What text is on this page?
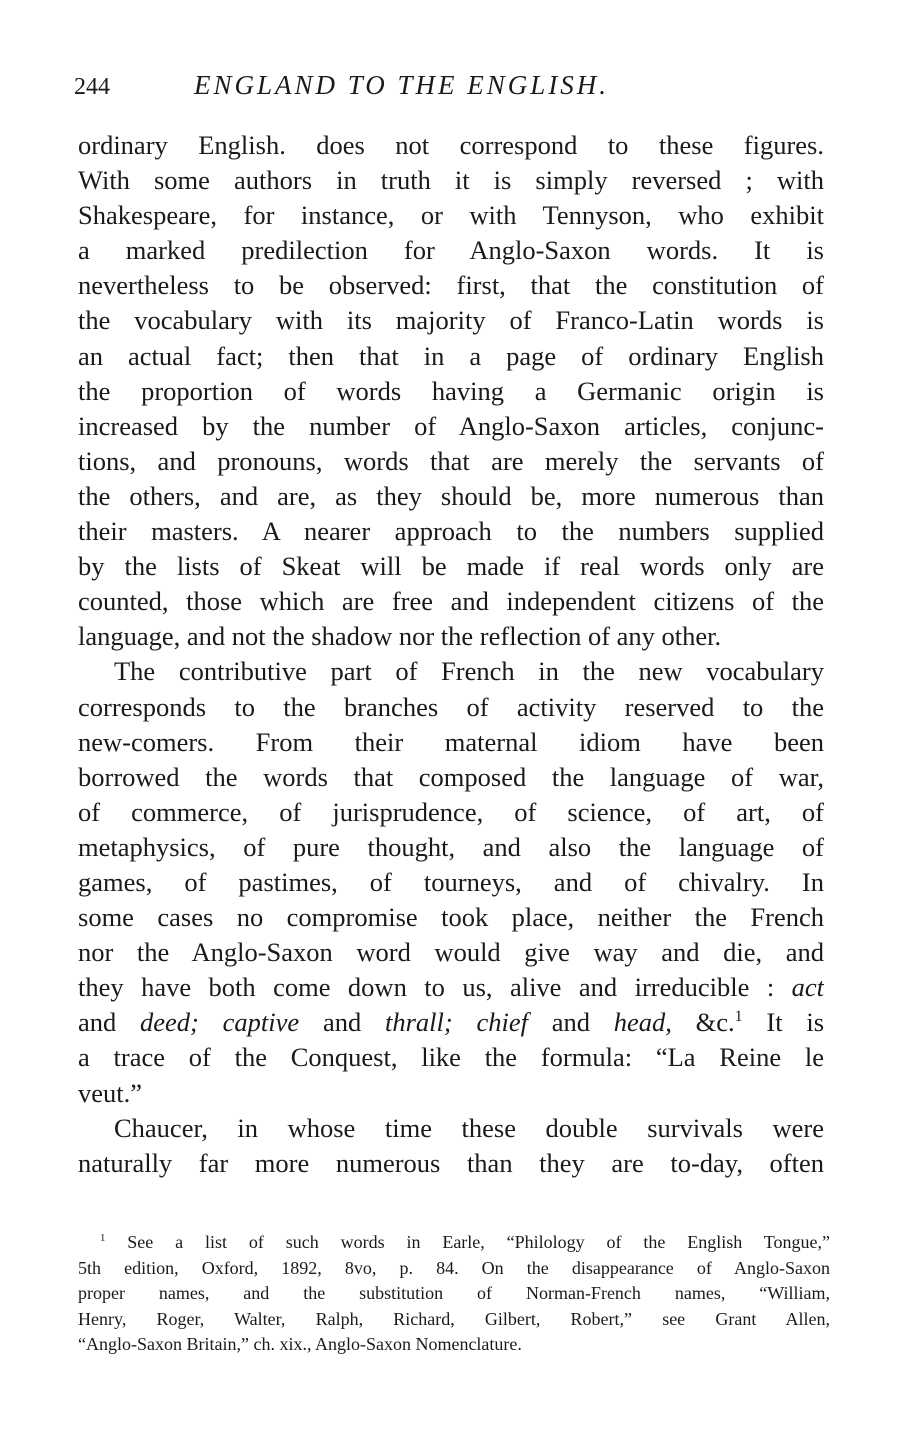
244	ENGLAND TO THE ENGLISH.
ordinary English. does not correspond to these figures.
With some authors in truth it is simply reversed ; with
Shakespeare, for instance, or with Tennyson, who exhibit
a marked predilection for Anglo-Saxon words. It is
nevertheless to be observed: first, that the constitution of
the vocabulary with its majority of Franco-Latin words is
an actual fact; then that in a page of ordinary English
the proportion of words having a Germanic origin is
increased by the number of Anglo-Saxon articles, conjunc-
tions, and pronouns, words that are merely the servants of
the others, and are, as they should be, more numerous than
their masters. A nearer approach to the numbers supplied
by the lists of Skeat will be made if real words only are
counted, those which are free and independent citizens of the
language, and not the shadow nor the reflection of any other.
The contributive part of French in the new vocabulary
corresponds to the branches of activity reserved to the
new-comers. From their maternal idiom have been
borrowed the words that composed the language of war,
of commerce, of jurisprudence, of science, of art, of
metaphysics, of pure thought, and also the language of
games, of pastimes, of tourneys, and of chivalry. In
some cases no compromise took place, neither the French
nor the Anglo-Saxon word would give way and die, and
they have both come down to us, alive and irreducible : act
and deed; captive and thrall; chief and head, &c.$^1$ It is
a trace of the Conquest, like the formula: “La Reine le
veut.”
Chaucer, in whose time these double survivals were
naturally far more numerous than they are to-day, often
$^1$ See a list of such words in Earle, “Philology of the English Tongue,”
5th edition, Oxford, 1892, 8vo, p. 84. On the disappearance of Anglo-Saxon
proper names, and the substitution of Norman-French names, “William,
Henry, Roger, Walter, Ralph, Richard, Gilbert, Robert,” see Grant Allen,
“Anglo-Saxon Britain,” ch. xix., Anglo-Saxon Nomenclature.
